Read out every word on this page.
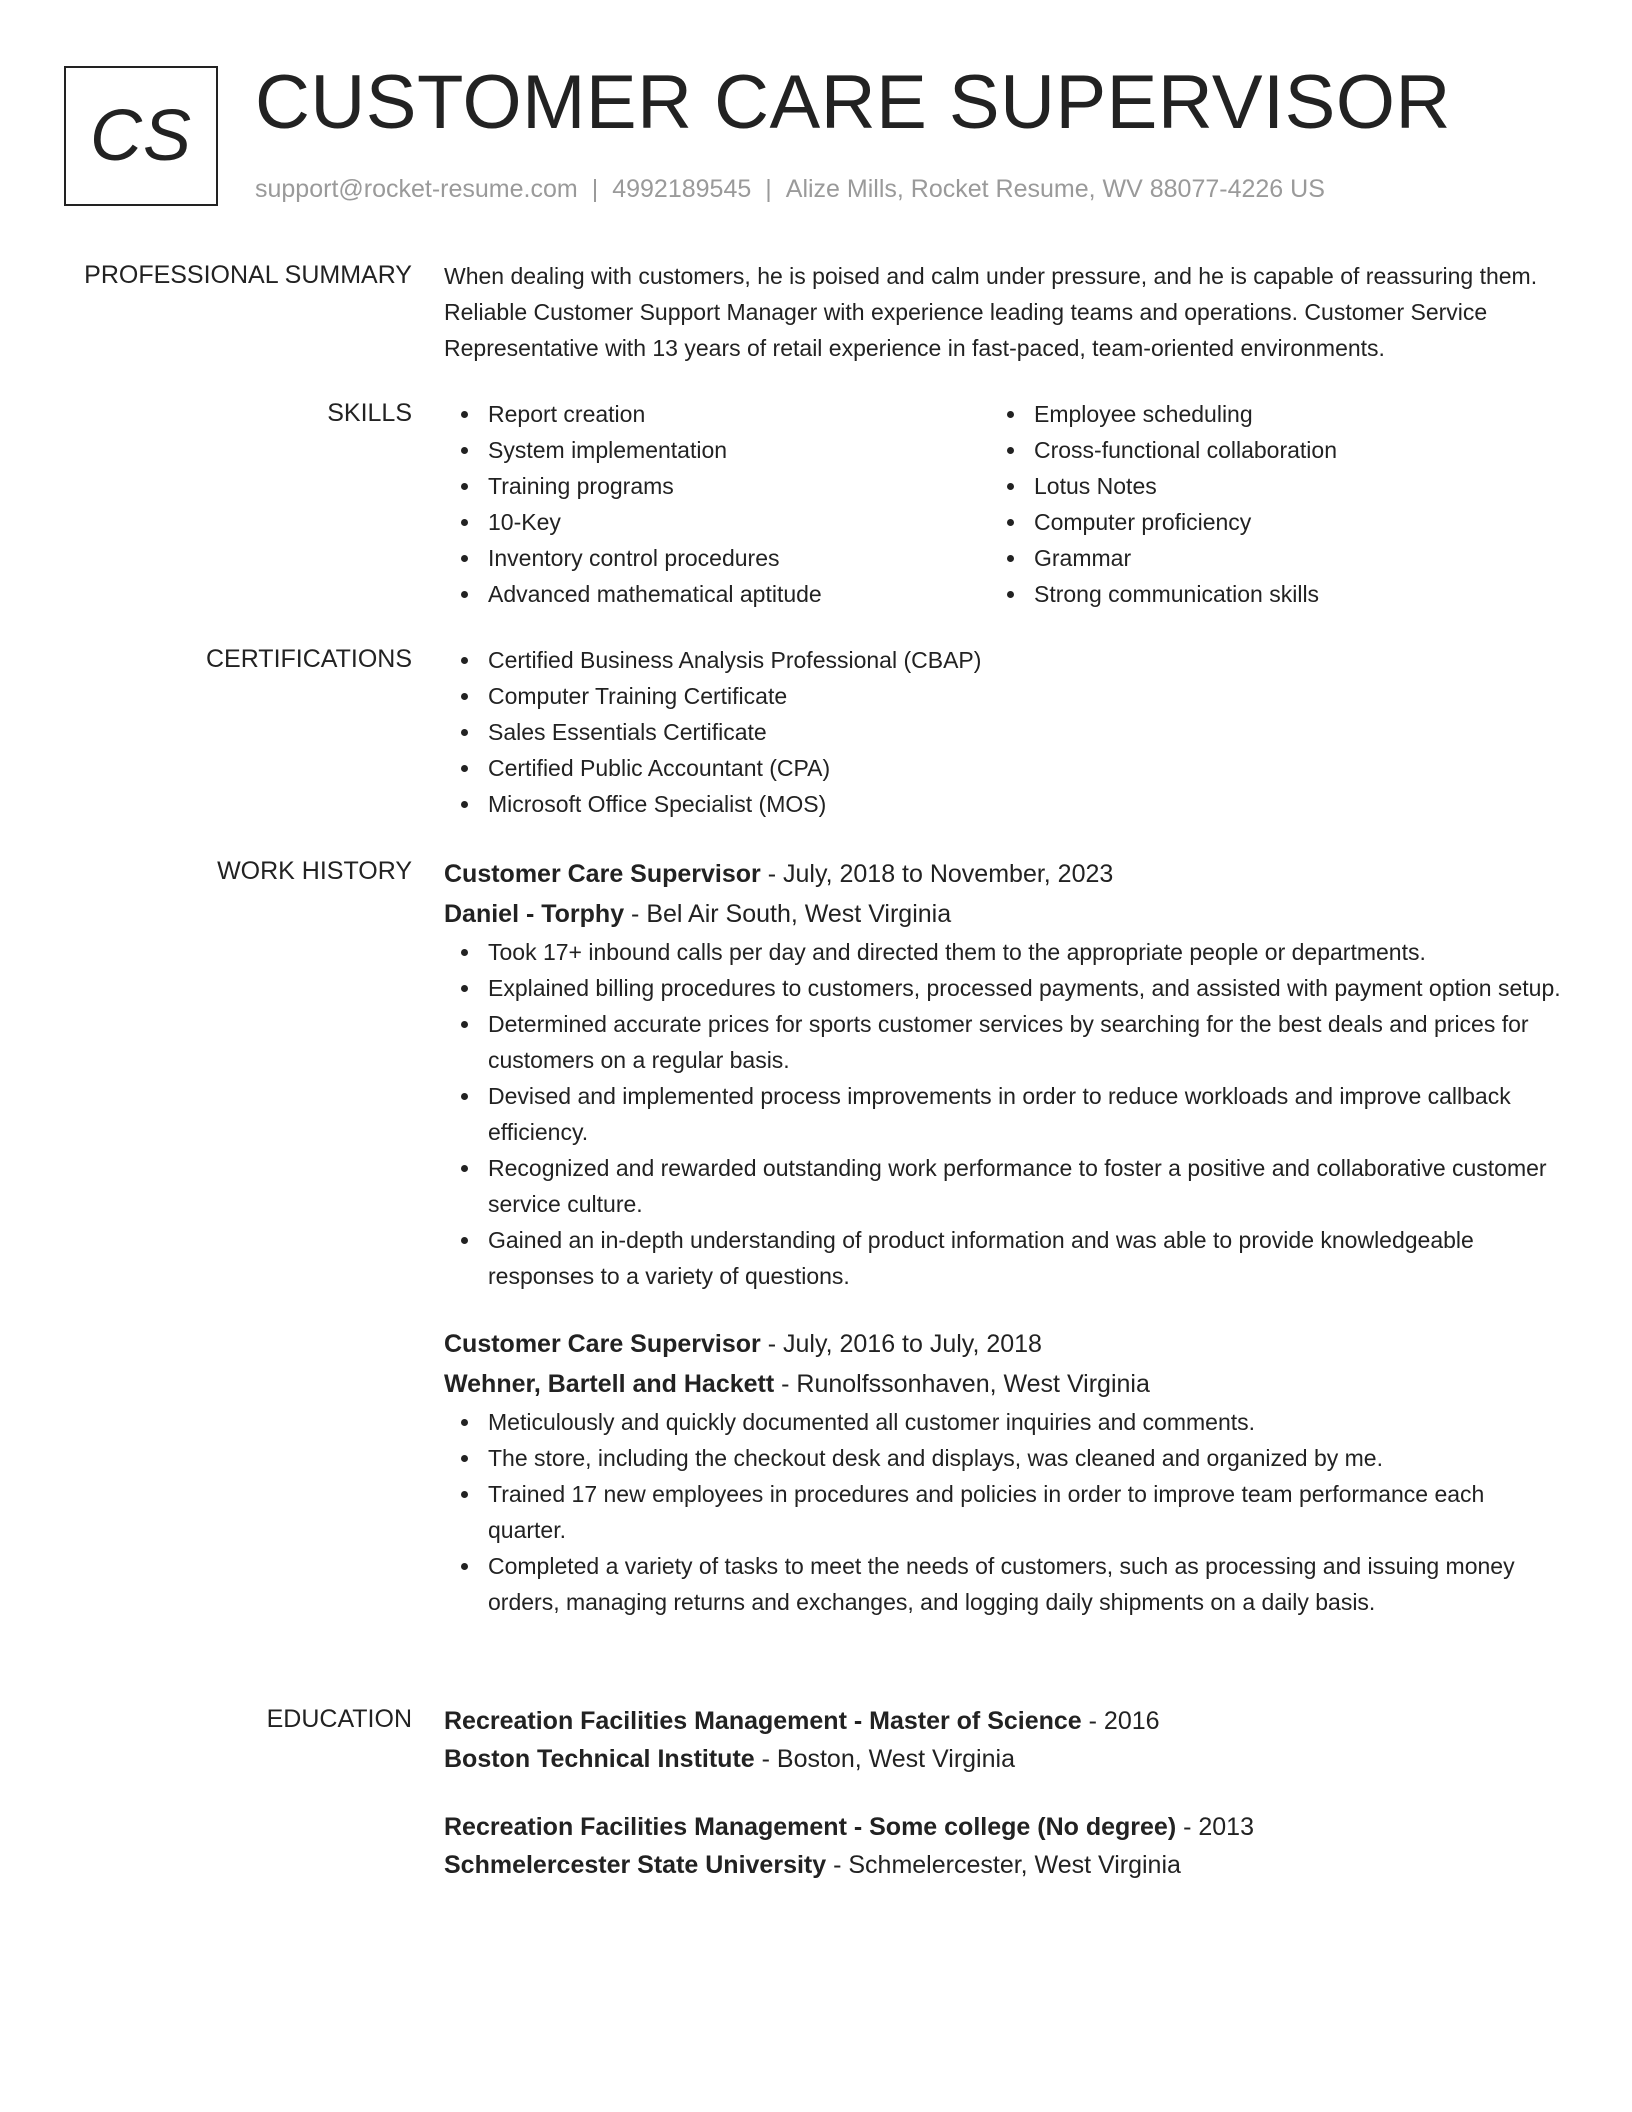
CS CUSTOMER CARE SUPERVISOR
support@rocket-resume.com | 4992189545 | Alize Mills, Rocket Resume, WV 88077-4226 US
PROFESSIONAL SUMMARY When dealing with customers, he is poised and calm under pressure, and he is capable of reassuring them. Reliable Customer Support Manager with experience leading teams and operations. Customer Service Representative with 13 years of retail experience in fast-paced, team-oriented environments.

SKILLS	Report creation
System implementation
Training programs
10-Key
Inventory control procedures
Advanced mathematical aptitude
Employee scheduling
Cross-functional collaboration
Lotus Notes
Computer proficiency
Grammar
Strong communication skills
CERTIFICATIONS	Certified Business Analysis Professional (CBAP)
Computer Training Certificate
Sales Essentials Certificate
Certified Public Accountant (CPA)
Microsoft Office Specialist (MOS)
WORK HISTORY Customer Care Supervisor - July, 2018 to November, 2023
Daniel - Torphy - Bel Air South, West Virginia
Took 17+ inbound calls per day and directed them to the appropriate people or departments.
Explained billing procedures to customers, processed payments, and assisted with payment option setup.
Determined accurate prices for sports customer services by searching for the best deals and prices for customers on a regular basis.
Devised and implemented process improvements in order to reduce workloads and improve callback efficiency.
Recognized and rewarded outstanding work performance to foster a positive and collaborative customer service culture.
Gained an in-depth understanding of product information and was able to provide knowledgeable responses to a variety of questions.
Customer Care Supervisor - July, 2016 to July, 2018
Wehner, Bartell and Hackett - Runolfssonhaven, West Virginia
Meticulously and quickly documented all customer inquiries and comments.
The store, including the checkout desk and displays, was cleaned and organized by me.
Trained 17 new employees in procedures and policies in order to improve team performance each quarter.
Completed a variety of tasks to meet the needs of customers, such as processing and issuing money orders, managing returns and exchanges, and logging daily shipments on a daily basis.
EDUCATION Recreation Facilities Management - Master of Science - 2016
Boston Technical Institute - Boston, West Virginia
Recreation Facilities Management - Some college (No degree) - 2013
Schmelercester State University - Schmelercester, West Virginia
